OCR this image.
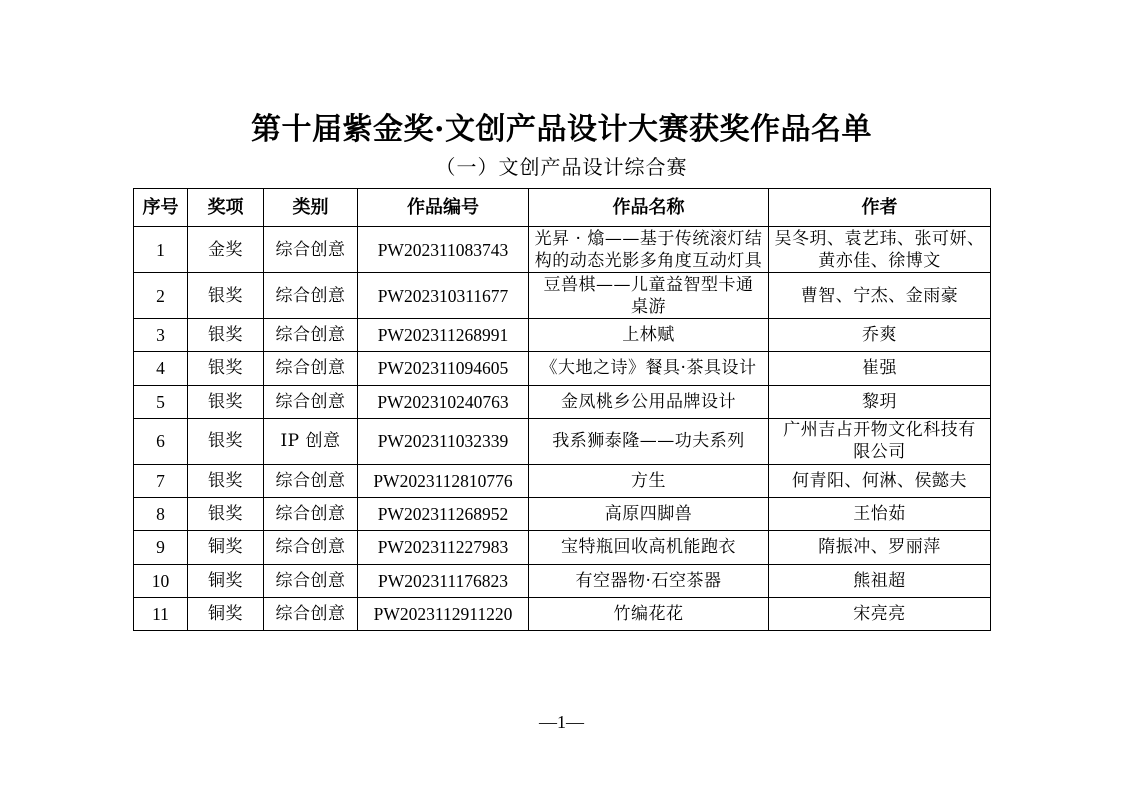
第十届紫金奖·文创产品设计大赛获奖作品名单
（一）文创产品设计综合赛
序号	奖项	类别	作品编号	作品名称	作者
1	金奖	综合创意	PW202311083743	光昇 · 熻——基于传统滚灯结
构的动态光影多角度互动灯具	吴冬玥、袁艺玮、张可妍、
黄亦佳、徐博文

2	银奖	综合创意	PW202310311677	豆兽棋——儿童益智型卡通
桌游	曹智、宁杰、金雨豪
3	银奖	综合创意	PW202311268991	上林赋	乔爽
4	银奖	综合创意	PW202311094605	《大地之诗》餐具·茶具设计	崔强
5	银奖	综合创意	PW202310240763	金凤桃乡公用品牌设计	黎玥
6	银奖	IP 创意	PW202311032339	我系狮泰隆——功夫系列	广州吉占开物文化科技有
限公司

7	银奖	综合创意	PW2023112810776	方生	何青阳、何淋、侯懿夫
8	银奖	综合创意	PW202311268952	高原四脚兽	王怡茹
9	铜奖	综合创意	PW202311227983	宝特瓶回收高机能跑衣	隋振冲、罗丽萍
10	铜奖	综合创意	PW202311176823	有空器物·石空茶器	熊祖超
11	铜奖	综合创意	PW2023112911220	竹编花花	宋亮亮
—1—
